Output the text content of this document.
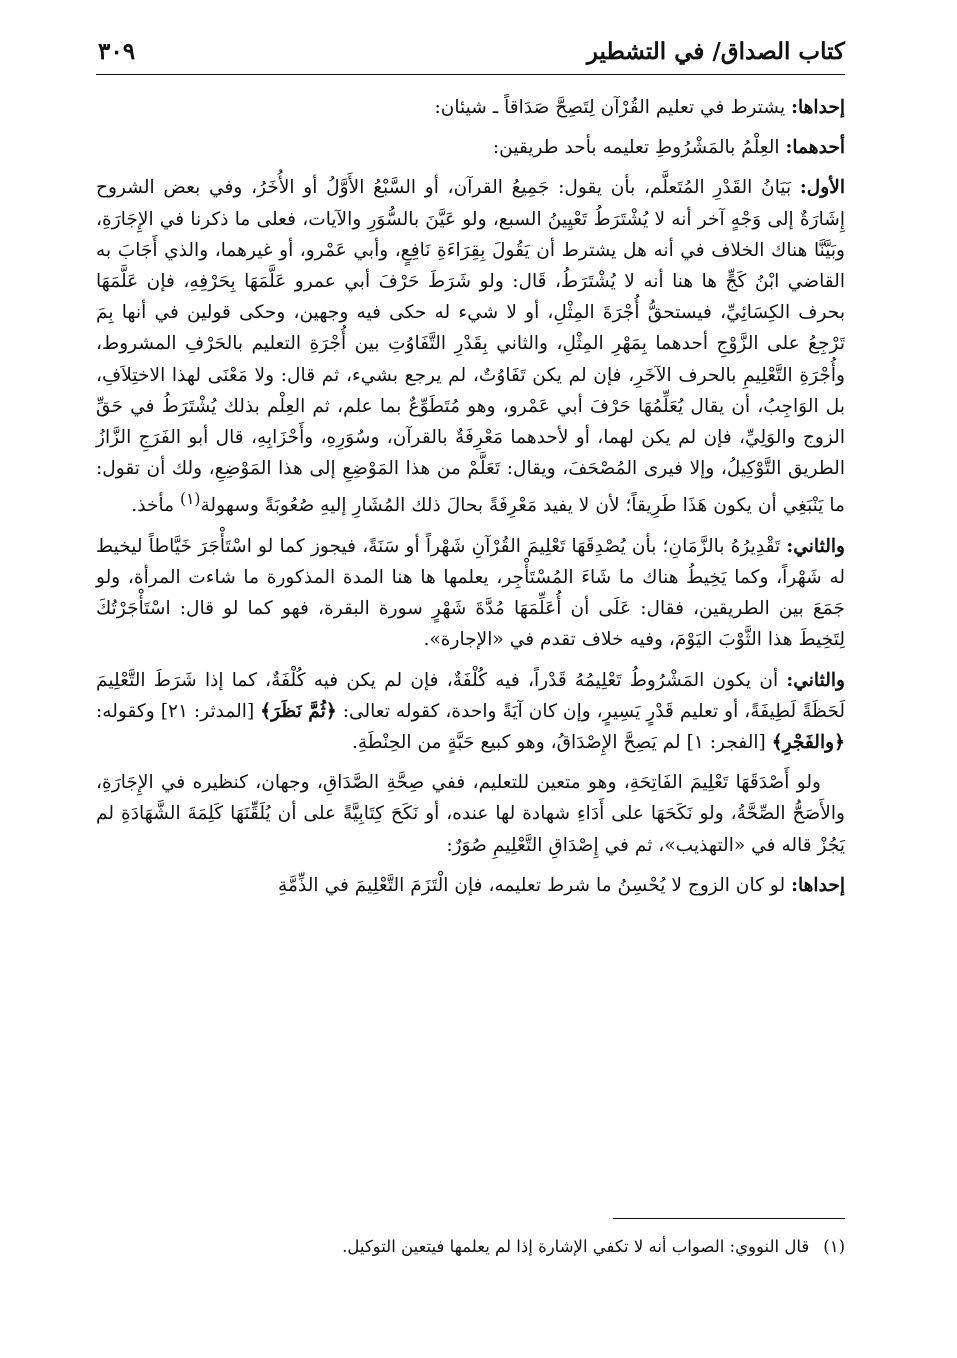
كتاب الصداق/ في التشطير
٣٠٩

إحداها: يشترط في تعليم القُرْآن لِتَصِحَّ صَدَاقاً ـ شيئان:

أحدهما: العِلْمُ بالمَشْرُوطِ تعليمه بأحد طريقين:

الأول: بَيَانُ القَدْرِ المُتَعلَّم، بأن يقول: جَمِيعُ القرآن، أو السَّبْعُ الأَوَّلُ أو الأُخَرُ، وفي بعض الشروح إِشَارَةٌ إلى وَجْهٍ آخر أنه لا يُشْتَرَطُ تَعْيِينُ السبع، ولو عَيَّنَ بالسُّوَرِ والآيات، فعلى ما ذكرنا في الإِجَارَةِ، وبَيَّنَّا هناك الخلاف في أنه هل يشترط أن يَقُولَ بِقِرَاءَةِ نَافِعٍ، وأبي عَمْرو، أو غيرهما، والذي أَجَابَ به القاضي ابْنُ كَجٍّ ها هنا أنه لا يُشْتَرَطُ، قَال: ولو شَرَطَ حَرْفَ أبي عمرو عَلَّمَهَا بِحَرْفِهِ، فإن عَلَّمَهَا بحرف الكِسَائِيِّ، فيستحقُّ أُجْرَةَ المِثْلِ، أو لا شيء له حكى فيه وجهين، وحكى قولين في أنها بِمَ تَرْجِعُ على الزَّوْجِ أحدهما بِمَهْرِ المِثْلِ، والثاني بِقَدْرِ التَّفَاوُتِ بين أُجْرَةِ التعليم بالحَرْفِ المشروط، وأُجْرَةِ التَّعْلِيمِ بالحرف الآخَرِ، فإن لم يكن تَفَاوُتٌ، لم يرجع بشيء، ثم قال: ولا مَعْنَى لهذا الاختِلاَفِ، بل الوَاجِبُ، أن يقال يُعَلِّمُهَا حَرْفَ أبي عَمْرو، وهو مُتَطَوِّعٌ بما علم، ثم العِلْم بذلك يُشْتَرَطُ في حَقِّ الزوج والوَلِيِّ، فإن لم يكن لهما، أو لأحدهما مَعْرِفَةٌ بالقرآن، وسُوَرِهِ، وأَحْزَابِهِ، قال أبو الفَرَجِ الزَّازُ الطريق التَّوْكِيلُ، وإلا فيرى المُصْحَفَ، ويقال: تَعَلَّمْ من هذا المَوْضِعِ إلى هذا المَوْضِعِ، ولك أن تقول: ما يَنْبَغِي أن يكون هَذَا طَرِيقاً؛ لأن لا يفيد مَعْرِفَةً بحالَ ذلك المُشَارِ إليهِ صُعُوبَةً وسهولة$^{(١)}$ مأخذ.

والثاني: تَقْدِيرُهُ بالزَّمَانِ؛ بأن يُصْدِقَهَا تَعْلِيمَ القُرْآنِ شَهْراً أو سَنَةً، فيجوز كما لو اسْتَأْجَرَ خَيَّاطاً ليخيط له شَهْراً، وكما يَخِيطُ هناك ما شَاءَ المُسْتَأْجِر، يعلمها ها هنا المدة المذكورة ما شاءت المرأة، ولو جَمَعَ بين الطريقين، فقال: عَلَى أن أُعَلِّمَهَا مُدَّةَ شَهْرٍ سورة البقرة، فهو كما لو قال: اسْتَأْجَرْتُكَ لِتَخِيطَ هذا الثَّوْبَ اليَوْمَ، وفيه خلاف تقدم في «الإجارة».

والثاني: أن يكون المَشْرُوطُ تَعْلِيمُهُ قَدْراً، فيه كُلْفَةٌ، فإن لم يكن فيه كُلْفَةٌ، كما إذا شَرَطَ التَّعْلِيمَ لَحَظَةً لَطِيفَةً، أو تعليم قَدْرٍ يَسِيرٍ، وإن كان آيَةً واحدة، كقوله تعالى: ﴿ثُمَّ نَظَرَ﴾ [المدثر: ٢١] وكقوله: ﴿والفَجْرِ﴾ [الفجر: ١] لم يَصِحَّ الإِصْدَاقُ، وهو كبيع حَبَّةٍ من الحِنْطَةِ.

ولو أَصْدَقَهَا تَعْلِيمَ الفَاتِحَةِ، وهو متعين للتعليم، ففي صِحَّةِ الصَّدَاقِ، وجهان، كنظيره في الإِجَارَةِ، والأَصَحُّ الصِّحَّةُ، ولو نَكَحَهَا على أَدَاءِ شهادة لها عنده، أو نَكَحَ كِتَابِيَّةً على أن يُلَقِّنَهَا كَلِمَةَ الشَّهَادَةِ لم يَجُزْ قاله في «التهذيب»، ثم في إِصْدَاقِ التَّعْلِيمِ صُوَرٌ:

إحداها: لو كان الزوج لا يُحْسِنُ ما شرط تعليمه، فإن الْتَزَمَ التَّعْلِيمَ في الذِّمَّةِ

(١)قال النووي: الصواب أنه لا تكفي الإشارة إذا لم يعلمها فيتعين التوكيل.
